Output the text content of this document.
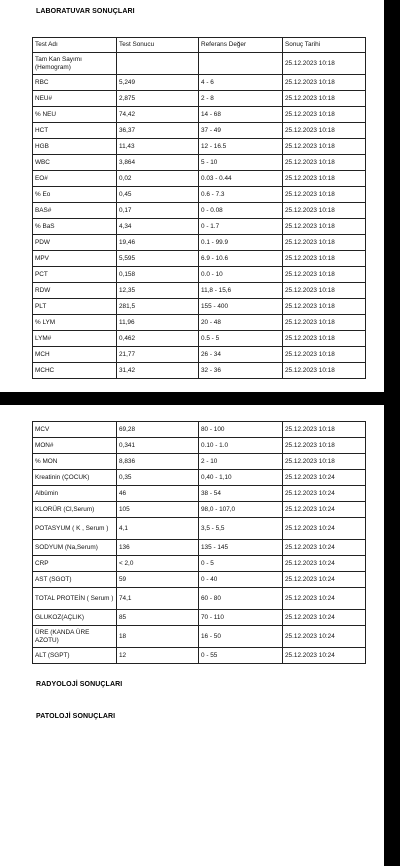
LABORATUVAR SONUÇLARI
Test Adı	Test Sonucu	Referans Değer	Sonuç Tarihi
Tam Kan Sayımı (Hemogram)			25.12.2023 10:18
RBC	5,249	4 - 6	25.12.2023 10:18
NEU#	2,875	2 - 8	25.12.2023 10:18
% NEU	74,42	14 - 68	25.12.2023 10:18
HCT	36,37	37 - 49	25.12.2023 10:18
HGB	11,43	12 - 16.5	25.12.2023 10:18
WBC	3,864	5 - 10	25.12.2023 10:18
EO#	0,02	0.03 - 0.44	25.12.2023 10:18
% Eo	0,45	0.6 - 7.3	25.12.2023 10:18
BAS#	0,17	0 - 0.08	25.12.2023 10:18
% BaS	4,34	0 - 1.7	25.12.2023 10:18
PDW	19,46	0.1 - 99.9	25.12.2023 10:18
MPV	5,595	6.9 - 10.6	25.12.2023 10:18
PCT	0,158	0.0 - 10	25.12.2023 10:18
RDW	12,35	11,8 - 15,6	25.12.2023 10:18
PLT	281,5	155 - 400	25.12.2023 10:18
% LYM	11,96	20 - 48	25.12.2023 10:18
LYM#	0,462	0.5 - 5	25.12.2023 10:18
MCH	21,77	26 - 34	25.12.2023 10:18
MCHC	31,42	32 - 36	25.12.2023 10:18
MCV	69,28	80 - 100	25.12.2023 10:18
MON#	0,341	0.10 - 1.0	25.12.2023 10:18
% MON	8,836	2 - 10	25.12.2023 10:18
Kreatinin (ÇOCUK)	0,35	0,40 - 1,10	25.12.2023 10:24
Albümin	46	38 - 54	25.12.2023 10:24
KLORÜR (Cl,Serum)	105	98,0 - 107,0	25.12.2023 10:24
POTASYUM ( K , Serum )	4,1	3,5 - 5,5	25.12.2023 10:24
SODYUM (Na,Serum)	136	135 - 145	25.12.2023 10:24
CRP	< 2,0	0 - 5	25.12.2023 10:24
AST (SGOT)	59	0 - 40	25.12.2023 10:24
TOTAL PROTEİN ( Serum )	74,1	60 - 80	25.12.2023 10:24
GLUKOZ(AÇLIK)	85	70 - 110	25.12.2023 10:24
ÜRE (KANDA ÜRE AZOTU)	18	16 - 50	25.12.2023 10:24
ALT (SGPT)	12	0 - 55	25.12.2023 10:24
RADYOLOJİ SONUÇLARI
PATOLOJİ SONUÇLARI
